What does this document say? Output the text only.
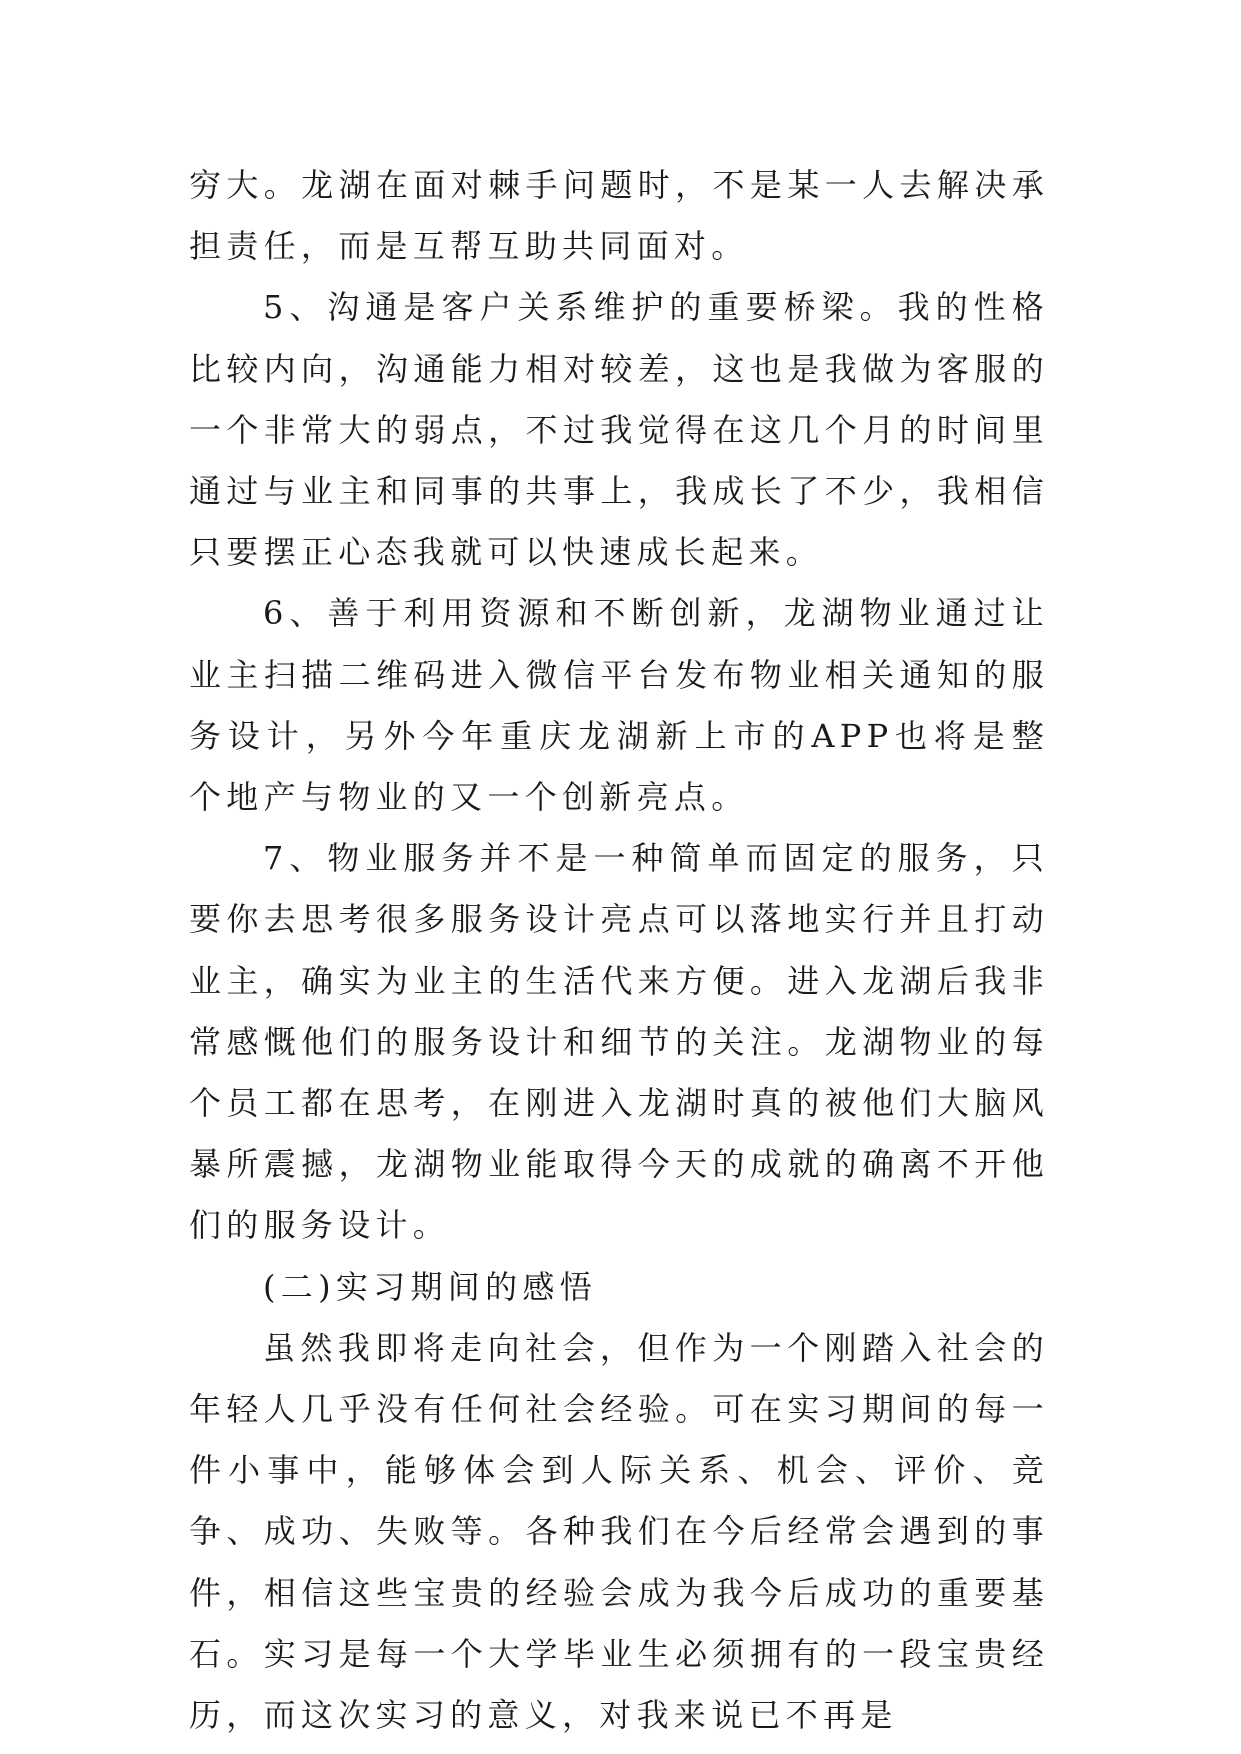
穷大。龙湖在面对棘手问题时，不是某一人去解决承担责任，而是互帮互助共同面对。

5、沟通是客户关系维护的重要桥梁。我的性格比较内向，沟通能力相对较差，这也是我做为客服的一个非常大的弱点，不过我觉得在这几个月的时间里通过与业主和同事的共事上，我成长了不少，我相信只要摆正心态我就可以快速成长起来。

6、善于利用资源和不断创新，龙湖物业通过让业主扫描二维码进入微信平台发布物业相关通知的服务设计，另外今年重庆龙湖新上市的APP也将是整个地产与物业的又一个创新亮点。

7、物业服务并不是一种简单而固定的服务，只要你去思考很多服务设计亮点可以落地实行并且打动业主，确实为业主的生活代来方便。进入龙湖后我非常感慨他们的服务设计和细节的关注。龙湖物业的每个员工都在思考，在刚进入龙湖时真的被他们大脑风暴所震撼，龙湖物业能取得今天的成就的确离不开他们的服务设计。

(二)实习期间的感悟

虽然我即将走向社会，但作为一个刚踏入社会的年轻人几乎没有任何社会经验。可在实习期间的每一件小事中，能够体会到人际关系、机会、评价、竞争、成功、失败等。各种我们在今后经常会遇到的事件，相信这些宝贵的经验会成为我今后成功的重要基石。实习是每一个大学毕业生必须拥有的一段宝贵经历，而这次实习的意义，对我来说已不再是
